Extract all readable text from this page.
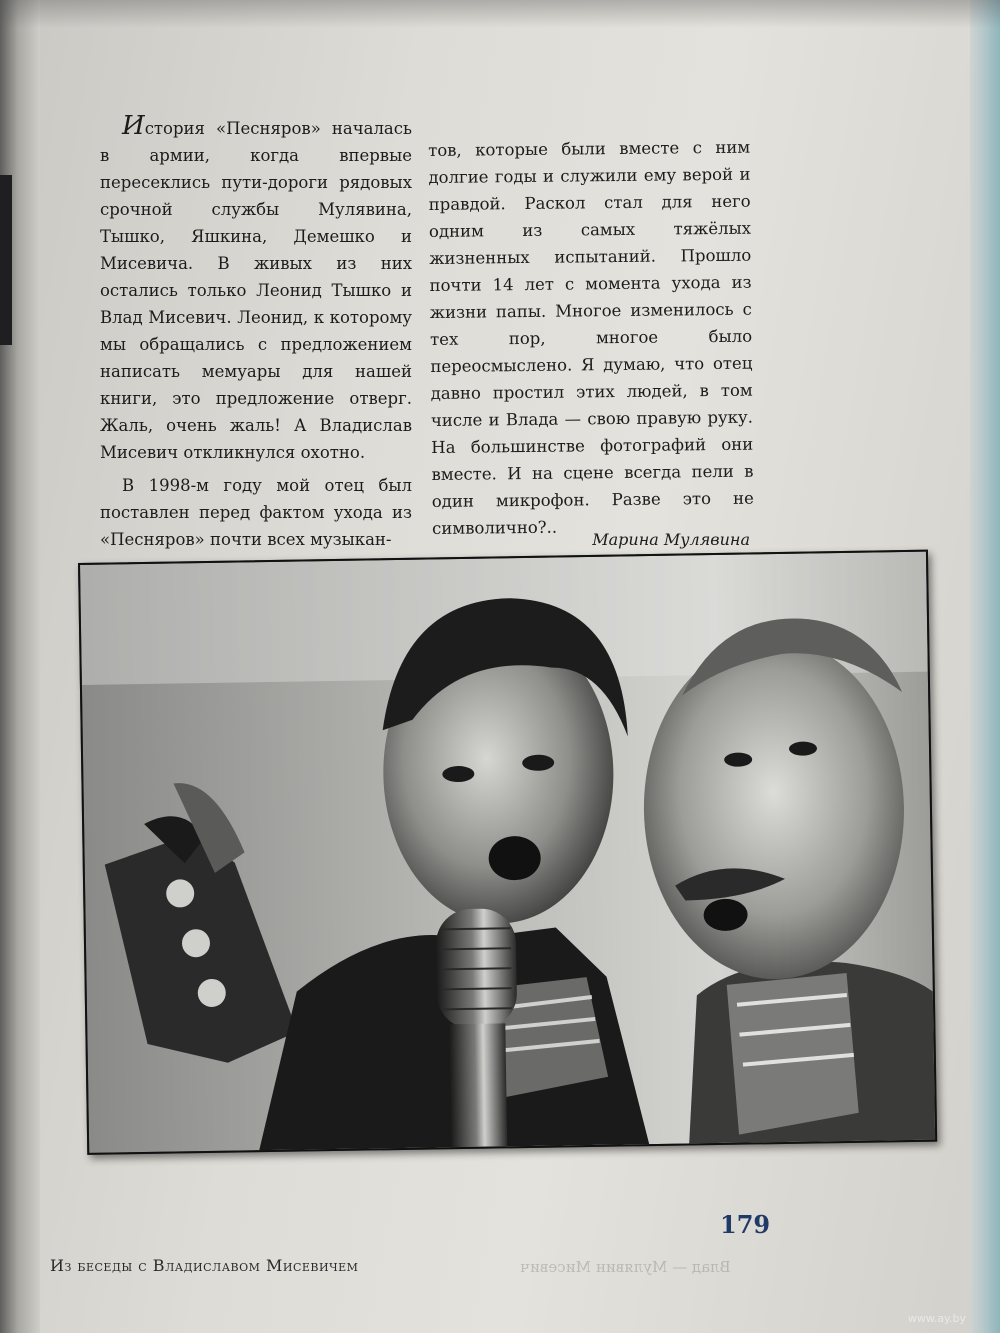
История «Песняров» началась в армии, когда впервые пересеклись пути-дороги рядовых срочной службы Мулявина, Тышко, Яшкина, Демешко и Мисевича. В живых из них остались только Леонид Тышко и Влад Мисевич. Леонид, к которому мы обращались с предложением написать мемуары для нашей книги, это предложение отверг. Жаль, очень жаль! А Владислав Мисевич откликнулся охотно.

В 1998-м году мой отец был поставлен перед фактом ухода из «Песняров» почти всех музыкан-

тов, которые были вместе с ним долгие годы и служили ему верой и правдой. Раскол стал для него одним из самых тяжёлых жизненных испытаний. Прошло почти 14 лет с момента ухода из жизни папы. Многое изменилось с тех пор, многое было переосмыслено. Я думаю, что отец давно простил этих людей, в том числе и Влада — свою правую руку. На большинстве фотографий они вместе. И на сцене всегда пели в один микрофон. Разве это не символично?..

Марина Мулявина
179
Из беседы с Владиславом Мисевичем	Влад — Мулявин Мисевич
www.ay.by
